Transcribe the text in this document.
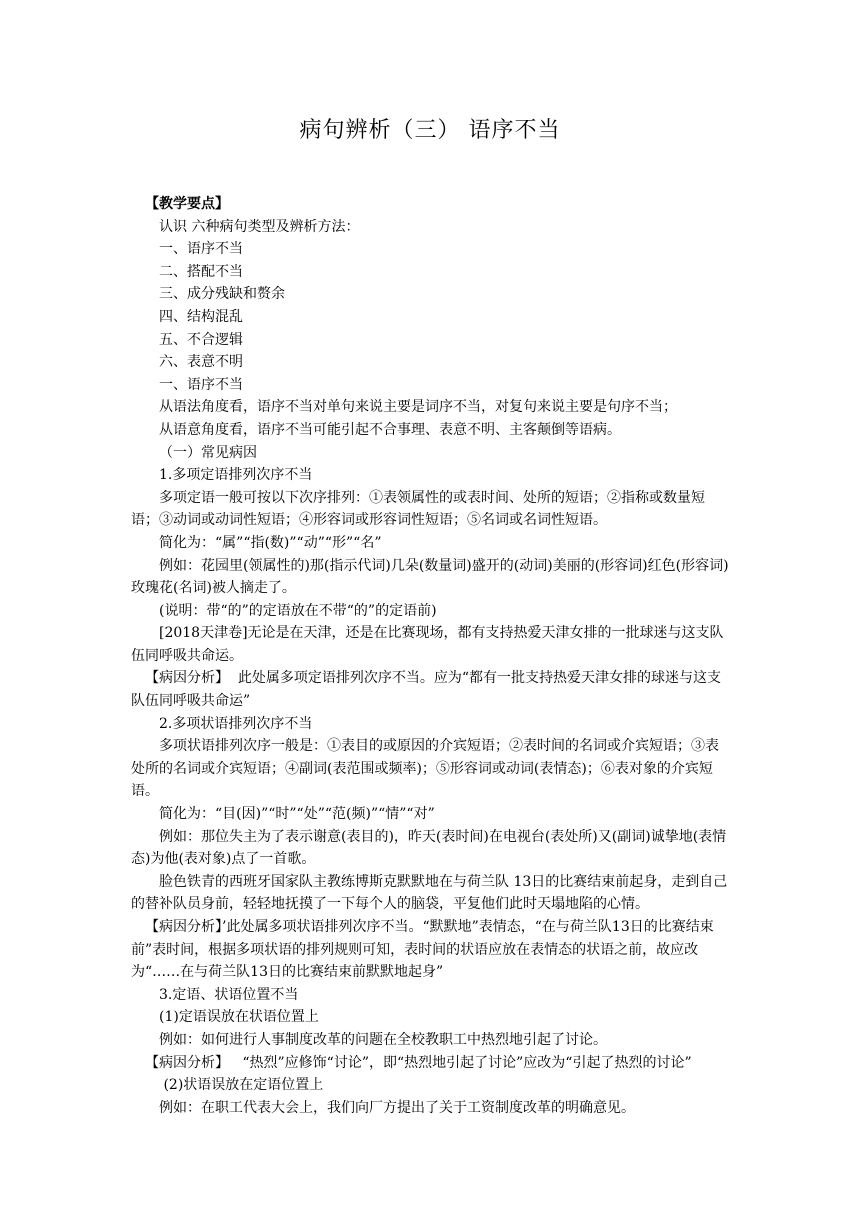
病句辨析（三） 语序不当

【教学要点】

认识 六种病句类型及辨析方法：

一、语序不当

二、搭配不当

三、成分残缺和赘余

四、结构混乱

五、不合逻辑

六、表意不明

一、语序不当

从语法角度看，语序不当对单句来说主要是词序不当，对复句来说主要是句序不当；

从语意角度看，语序不当可能引起不合事理、表意不明、主客颠倒等语病。

（一）常见病因

1.多项定语排列次序不当

多项定语一般可按以下次序排列：①表领属性的或表时间、处所的短语；②指称或数量短语；③动词或动词性短语；④形容词或形容词性短语；⑤名词或名词性短语。

简化为：“属”“指(数)”“动”“形”“名”

例如：花园里(领属性的)那(指示代词)几朵(数量词)盛开的(动词)美丽的(形容词)红色(形容词)玫瑰花(名词)被人摘走了。

(说明：带“的”的定语放在不带“的”的定语前)

[2018天津卷]无论是在天津，还是在比赛现场，都有支持热爱天津女排的一批球迷与这支队伍同呼吸共命运。

【病因分析】  此处属多项定语排列次序不当。应为“都有一批支持热爱天津女排的球迷与这支队伍同呼吸共命运”

2.多项状语排列次序不当

多项状语排列次序一般是：①表目的或原因的介宾短语；②表时间的名词或介宾短语；③表处所的名词或介宾短语；④副词(表范围或频率)；⑤形容词或动词(表情态)；⑥表对象的介宾短语。

简化为：“目(因)”“时”“处”“范(频)”“情”“对”

例如：那位失主为了表示谢意(表目的)，昨天(表时间)在电视台(表处所)又(副词)诚挚地(表情态)为他(表对象)点了一首歌。

脸色铁青的西班牙国家队主教练博斯克默默地在与荷兰队 13日的比赛结束前起身，走到自己的替补队员身前，轻轻地抚摸了一下每个人的脑袋，平复他们此时天塌地陷的心情。

【病因分析】’此处属多项状语排列次序不当。“默默地”表情态，“在与荷兰队13日的比赛结束前”表时间，根据多项状语的排列规则可知，表时间的状语应放在表情态的状语之前，故应改为“……在与荷兰队13日的比赛结束前默默地起身”

3.定语、状语位置不当

(1)定语误放在状语位置上

例如：如何进行人事制度改革的问题在全校教职工中热烈地引起了讨论。

【病因分析】   “热烈”应修饰“讨论”，即“热烈地引起了讨论”应改为“引起了热烈的讨论”

(2)状语误放在定语位置上

例如：在职工代表大会上，我们向厂方提出了关于工资制度改革的明确意见。
